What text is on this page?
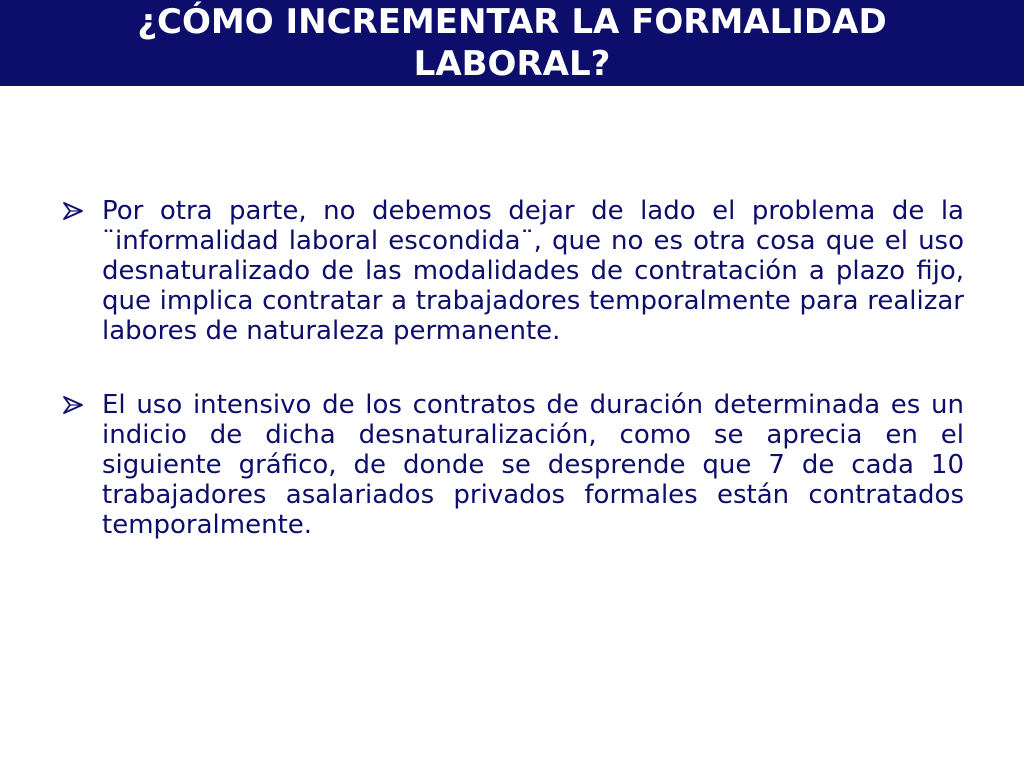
¿CÓMO INCREMENTAR LA FORMALIDAD LABORAL?

Por otra parte, no debemos dejar de lado el problema de la ¨informalidad laboral escondida¨, que no es otra cosa que el uso desnaturalizado de las modalidades de contratación a plazo fijo, que implica contratar a trabajadores temporalmente para realizar labores de naturaleza permanente.

El uso intensivo de los contratos de duración determinada es un indicio de dicha desnaturalización, como se aprecia en el siguiente gráfico, de donde se desprende que 7 de cada 10 trabajadores asalariados privados formales están contratados temporalmente.
